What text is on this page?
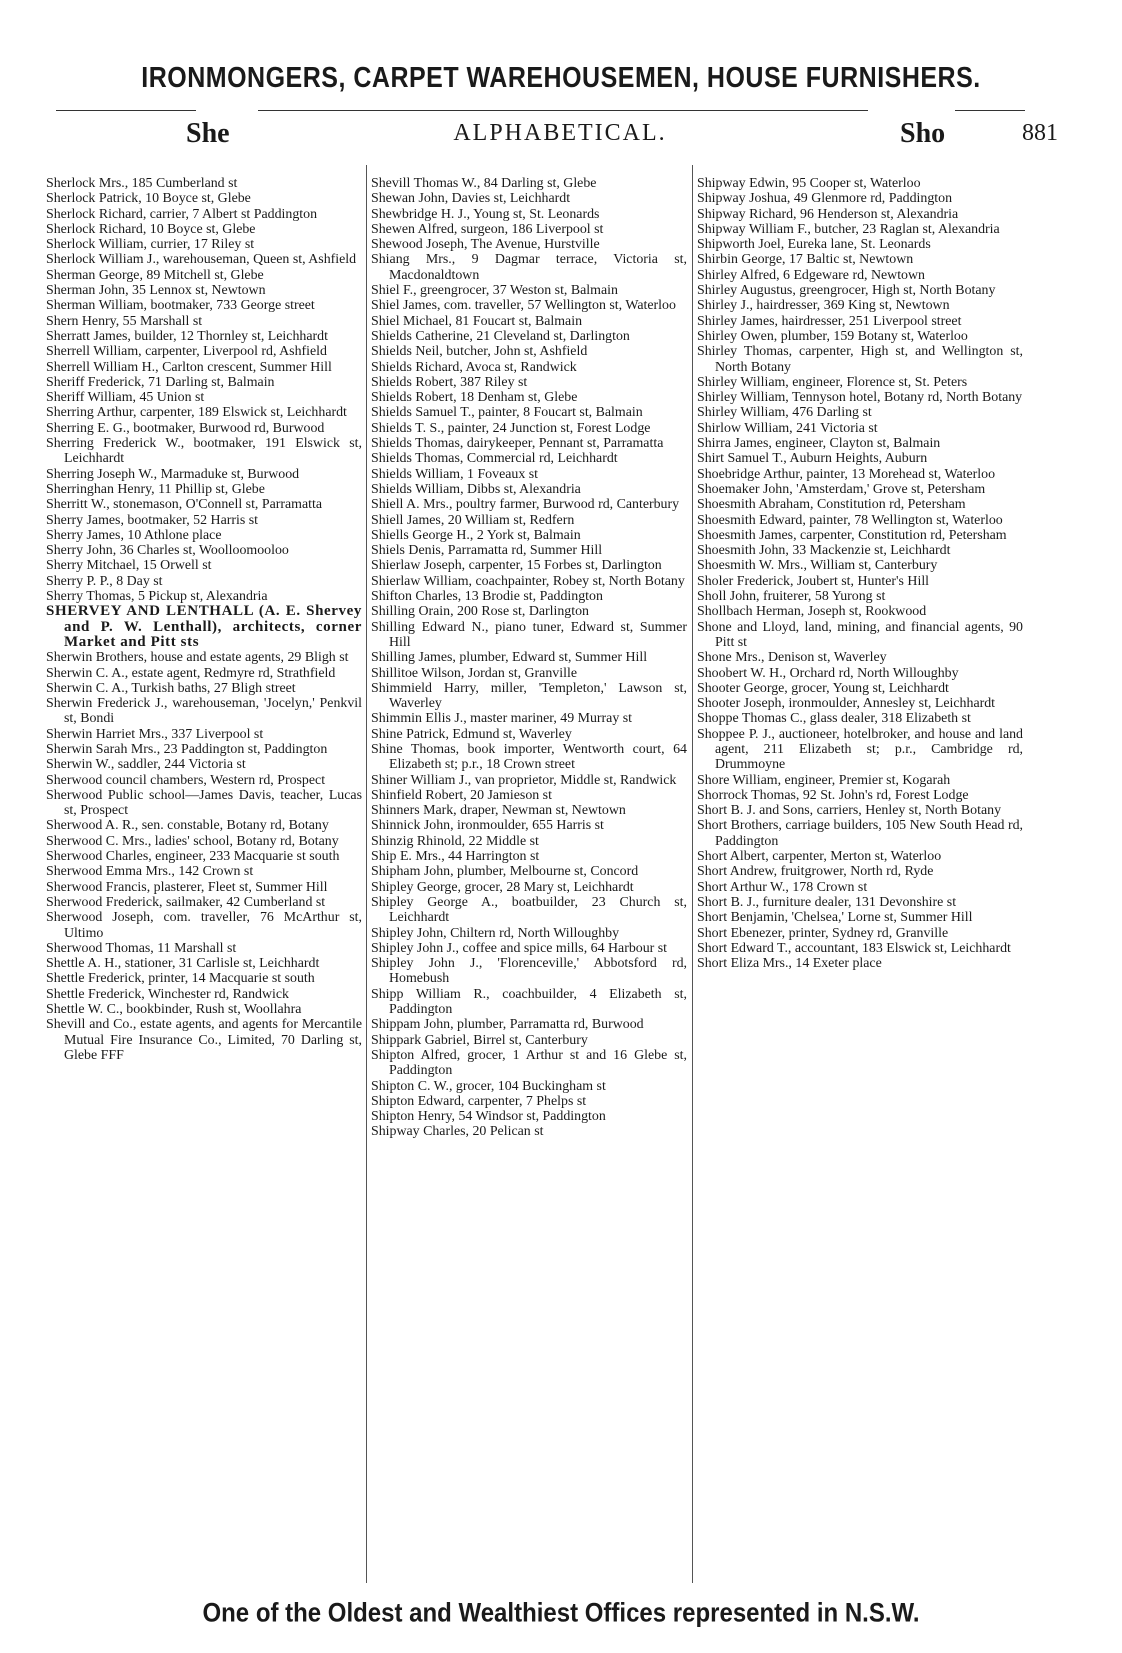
IRONMONGERS, CARPET WAREHOUSEMEN, HOUSE FURNISHERS.
She	ALPHABETICAL.	Sho	881

Sherlock Mrs., 185 Cumberland st

Sherlock Patrick, 10 Boyce st, Glebe

Sherlock Richard, carrier, 7 Albert st Paddington

Sherlock Richard, 10 Boyce st, Glebe

Sherlock William, currier, 17 Riley st

Sherlock William J., warehouseman, Queen st, Ashfield

Sherman George, 89 Mitchell st, Glebe

Sherman John, 35 Lennox st, Newtown

Sherman William, bootmaker, 733 George street

Shern Henry, 55 Marshall st

Sherratt James, builder, 12 Thornley st, Leichhardt

Sherrell William, carpenter, Liverpool rd, Ashfield

Sherrell William H., Carlton crescent, Summer Hill

Sheriff Frederick, 71 Darling st, Balmain

Sheriff William, 45 Union st

Sherring Arthur, carpenter, 189 Elswick st, Leichhardt

Sherring E. G., bootmaker, Burwood rd, Burwood

Sherring Frederick W., bootmaker, 191 Elswick st, Leichhardt

Sherring Joseph W., Marmaduke st, Burwood

Sherringhan Henry, 11 Phillip st, Glebe

Sherritt W., stonemason, O'Connell st, Parramatta

Sherry James, bootmaker, 52 Harris st

Sherry James, 10 Athlone place

Sherry John, 36 Charles st, Woolloomooloo

Sherry Mitchael, 15 Orwell st

Sherry P. P., 8 Day st

Sherry Thomas, 5 Pickup st, Alexandria

SHERVEY AND LENTHALL (A. E. Shervey and P. W. Lenthall), architects, corner Market and Pitt sts

Sherwin Brothers, house and estate agents, 29 Bligh st

Sherwin C. A., estate agent, Redmyre rd, Strathfield

Sherwin C. A., Turkish baths, 27 Bligh street

Sherwin Frederick J., warehouseman, 'Jocelyn,' Penkvil st, Bondi

Sherwin Harriet Mrs., 337 Liverpool st

Sherwin Sarah Mrs., 23 Paddington st, Paddington

Sherwin W., saddler, 244 Victoria st

Sherwood council chambers, Western rd, Prospect

Sherwood Public school—James Davis, teacher, Lucas st, Prospect

Sherwood A. R., sen. constable, Botany rd, Botany

Sherwood C. Mrs., ladies' school, Botany rd, Botany

Sherwood Charles, engineer, 233 Macquarie st south

Sherwood Emma Mrs., 142 Crown st

Sherwood Francis, plasterer, Fleet st, Summer Hill

Sherwood Frederick, sailmaker, 42 Cumberland st

Sherwood Joseph, com. traveller, 76 McArthur st, Ultimo

Sherwood Thomas, 11 Marshall st

Shettle A. H., stationer, 31 Carlisle st, Leichhardt

Shettle Frederick, printer, 14 Macquarie st south

Shettle Frederick, Winchester rd, Randwick

Shettle W. C., bookbinder, Rush st, Woollahra

Shevill and Co., estate agents, and agents for Mercantile Mutual Fire Insurance Co., Limited, 70 Darling st, Glebe FFF

Shevill Thomas W., 84 Darling st, Glebe

Shewan John, Davies st, Leichhardt

Shewbridge H. J., Young st, St. Leonards

Shewen Alfred, surgeon, 186 Liverpool st

Shewood Joseph, The Avenue, Hurstville

Shiang Mrs., 9 Dagmar terrace, Victoria st, Macdonaldtown

Shiel F., greengrocer, 37 Weston st, Balmain

Shiel James, com. traveller, 57 Wellington st, Waterloo

Shiel Michael, 81 Foucart st, Balmain

Shields Catherine, 21 Cleveland st, Darlington

Shields Neil, butcher, John st, Ashfield

Shields Richard, Avoca st, Randwick

Shields Robert, 387 Riley st

Shields Robert, 18 Denham st, Glebe

Shields Samuel T., painter, 8 Foucart st, Balmain

Shields T. S., painter, 24 Junction st, Forest Lodge

Shields Thomas, dairykeeper, Pennant st, Parramatta

Shields Thomas, Commercial rd, Leichhardt

Shields William, 1 Foveaux st

Shields William, Dibbs st, Alexandria

Shiell A. Mrs., poultry farmer, Burwood rd, Canterbury

Shiell James, 20 William st, Redfern

Shiells George H., 2 York st, Balmain

Shiels Denis, Parramatta rd, Summer Hill

Shierlaw Joseph, carpenter, 15 Forbes st, Darlington

Shierlaw William, coachpainter, Robey st, North Botany

Shifton Charles, 13 Brodie st, Paddington

Shilling Orain, 200 Rose st, Darlington

Shilling Edward N., piano tuner, Edward st, Summer Hill

Shilling James, plumber, Edward st, Summer Hill

Shillitoe Wilson, Jordan st, Granville

Shimmield Harry, miller, 'Templeton,' Lawson st, Waverley

Shimmin Ellis J., master mariner, 49 Murray st

Shine Patrick, Edmund st, Waverley

Shine Thomas, book importer, Wentworth court, 64 Elizabeth st; p.r., 18 Crown street

Shiner William J., van proprietor, Middle st, Randwick

Shinfield Robert, 20 Jamieson st

Shinners Mark, draper, Newman st, Newtown

Shinnick John, ironmoulder, 655 Harris st

Shinzig Rhinold, 22 Middle st

Ship E. Mrs., 44 Harrington st

Shipham John, plumber, Melbourne st, Concord

Shipley George, grocer, 28 Mary st, Leichhardt

Shipley George A., boatbuilder, 23 Church st, Leichhardt

Shipley John, Chiltern rd, North Willoughby

Shipley John J., coffee and spice mills, 64 Harbour st

Shipley John J., 'Florenceville,' Abbotsford rd, Homebush

Shipp William R., coachbuilder, 4 Elizabeth st, Paddington

Shippam John, plumber, Parramatta rd, Burwood

Shippark Gabriel, Birrel st, Canterbury

Shipton Alfred, grocer, 1 Arthur st and 16 Glebe st, Paddington

Shipton C. W., grocer, 104 Buckingham st

Shipton Edward, carpenter, 7 Phelps st

Shipton Henry, 54 Windsor st, Paddington

Shipway Charles, 20 Pelican st

Shipway Edwin, 95 Cooper st, Waterloo

Shipway Joshua, 49 Glenmore rd, Paddington

Shipway Richard, 96 Henderson st, Alexandria

Shipway William F., butcher, 23 Raglan st, Alexandria

Shipworth Joel, Eureka lane, St. Leonards

Shirbin George, 17 Baltic st, Newtown

Shirley Alfred, 6 Edgeware rd, Newtown

Shirley Augustus, greengrocer, High st, North Botany

Shirley J., hairdresser, 369 King st, Newtown

Shirley James, hairdresser, 251 Liverpool street

Shirley Owen, plumber, 159 Botany st, Waterloo

Shirley Thomas, carpenter, High st, and Wellington st, North Botany

Shirley William, engineer, Florence st, St. Peters

Shirley William, Tennyson hotel, Botany rd, North Botany

Shirley William, 476 Darling st

Shirlow William, 241 Victoria st

Shirra James, engineer, Clayton st, Balmain

Shirt Samuel T., Auburn Heights, Auburn

Shoebridge Arthur, painter, 13 Morehead st, Waterloo

Shoemaker John, 'Amsterdam,' Grove st, Petersham

Shoesmith Abraham, Constitution rd, Petersham

Shoesmith Edward, painter, 78 Wellington st, Waterloo

Shoesmith James, carpenter, Constitution rd, Petersham

Shoesmith John, 33 Mackenzie st, Leichhardt

Shoesmith W. Mrs., William st, Canterbury

Sholer Frederick, Joubert st, Hunter's Hill

Sholl John, fruiterer, 58 Yurong st

Shollbach Herman, Joseph st, Rookwood

Shone and Lloyd, land, mining, and financial agents, 90 Pitt st

Shone Mrs., Denison st, Waverley

Shoobert W. H., Orchard rd, North Willoughby

Shooter George, grocer, Young st, Leichhardt

Shooter Joseph, ironmoulder, Annesley st, Leichhardt

Shoppe Thomas C., glass dealer, 318 Elizabeth st

Shoppee P. J., auctioneer, hotelbroker, and house and land agent, 211 Elizabeth st; p.r., Cambridge rd, Drummoyne

Shore William, engineer, Premier st, Kogarah

Shorrock Thomas, 92 St. John's rd, Forest Lodge

Short B. J. and Sons, carriers, Henley st, North Botany

Short Brothers, carriage builders, 105 New South Head rd, Paddington

Short Albert, carpenter, Merton st, Waterloo

Short Andrew, fruitgrower, North rd, Ryde

Short Arthur W., 178 Crown st

Short B. J., furniture dealer, 131 Devonshire st

Short Benjamin, 'Chelsea,' Lorne st, Summer Hill

Short Ebenezer, printer, Sydney rd, Granville

Short Edward T., accountant, 183 Elswick st, Leichhardt

Short Eliza Mrs., 14 Exeter place

One of the Oldest and Wealthiest Offices represented in N.S.W.
